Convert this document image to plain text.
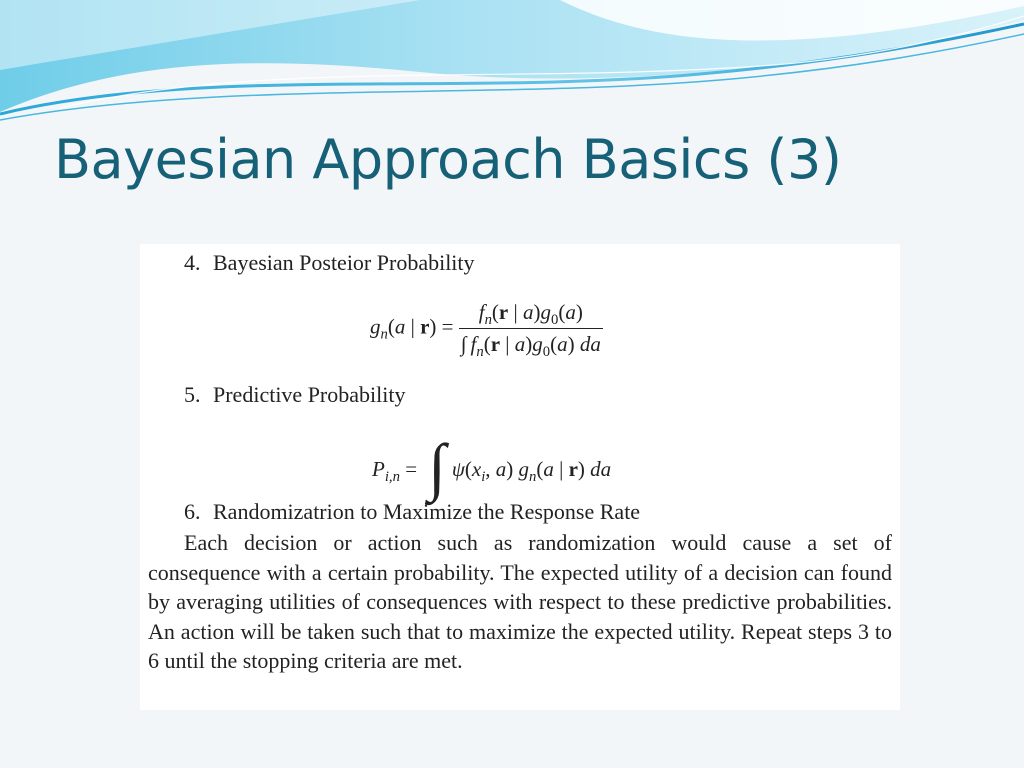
Bayesian Approach Basics (3)
4. Bayesian Posteior Probability
$g_n(a$ | $r) = \frac{f_n(r | a)g_0(a)}{\int f_n(r | a)g_0(a) da}$
5. Predictive Probability
$P_{i,n}$ = ∫ $\psi(x_i$, a) $g_n(a$ | r) da
6. Randomizatrion to Maximize the Response Rate

Each decision or action such as randomization would cause a set of consequence with a certain probability. The expected utility of a decision can found by averaging utilities of consequences with respect to these predictive probabilities. An action will be taken such that to maximize the expected utility. Repeat steps 3 to 6 until the stopping criteria are met.
